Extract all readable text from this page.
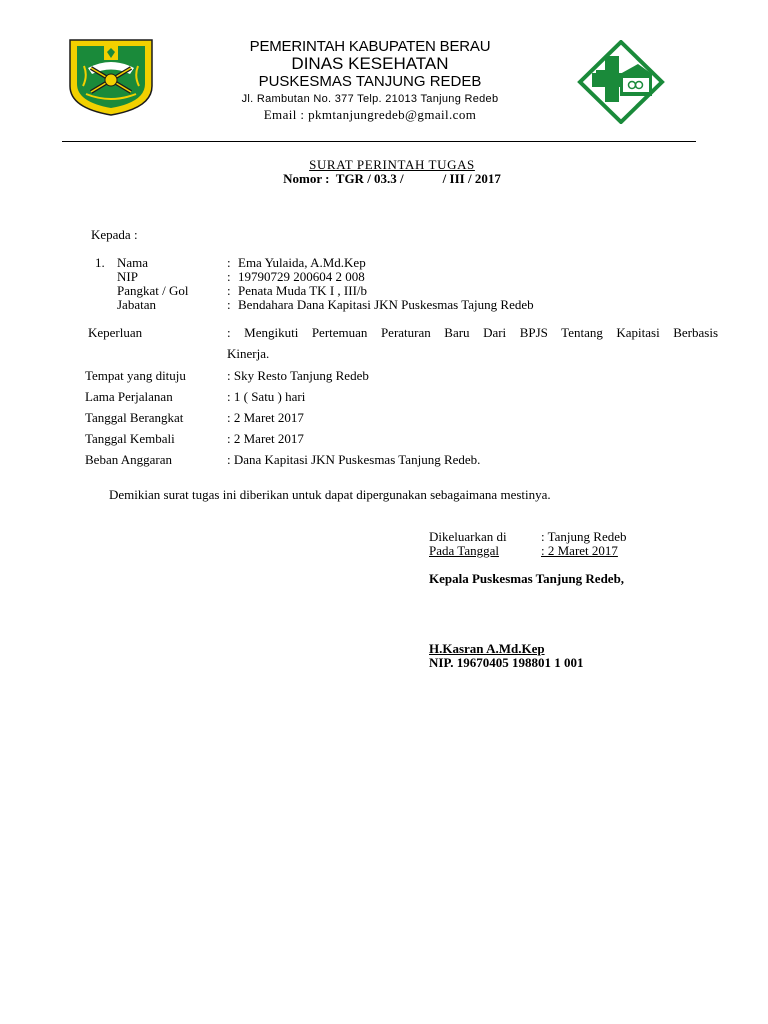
PEMERINTAH KABUPATEN BERAU
DINAS KESEHATAN
PUSKESMAS TANJUNG REDEB
Jl. Rambutan No. 377 Telp. 21013 Tanjung Redeb
Email : pkmtanjungredeb@gmail.com
SURAT PERINTAH TUGAS
Nomor :  TGR / 03.3 /            / III / 2017
Kepada :
1. Nama	: Ema Yulaida, A.Md.Kep
NIP	: 19790729 200604 2 008
Pangkat / Gol	: Penata Muda TK I , III/b
Jabatan	: Bendahara Dana Kapitasi JKN Puskesmas Tajung Redeb
Keperluan	: Mengikuti Pertemuan Peraturan Baru Dari BPJS Tentang Kapitasi Berbasis
Kinerja.
Tempat yang dituju	: Sky Resto Tanjung Redeb
Lama Perjalanan	: 1 ( Satu ) hari
Tanggal Berangkat	: 2 Maret 2017
Tanggal Kembali	: 2 Maret 2017
Beban Anggaran	: Dana Kapitasi JKN Puskesmas Tanjung Redeb.
Demikian surat tugas ini diberikan untuk dapat dipergunakan sebagaimana mestinya.
Dikeluarkan di	: Tanjung Redeb
Pada Tanggal	: 2 Maret 2017
Kepala Puskesmas Tanjung Redeb,
H.Kasran A.Md.Kep
NIP. 19670405 198801 1 001
